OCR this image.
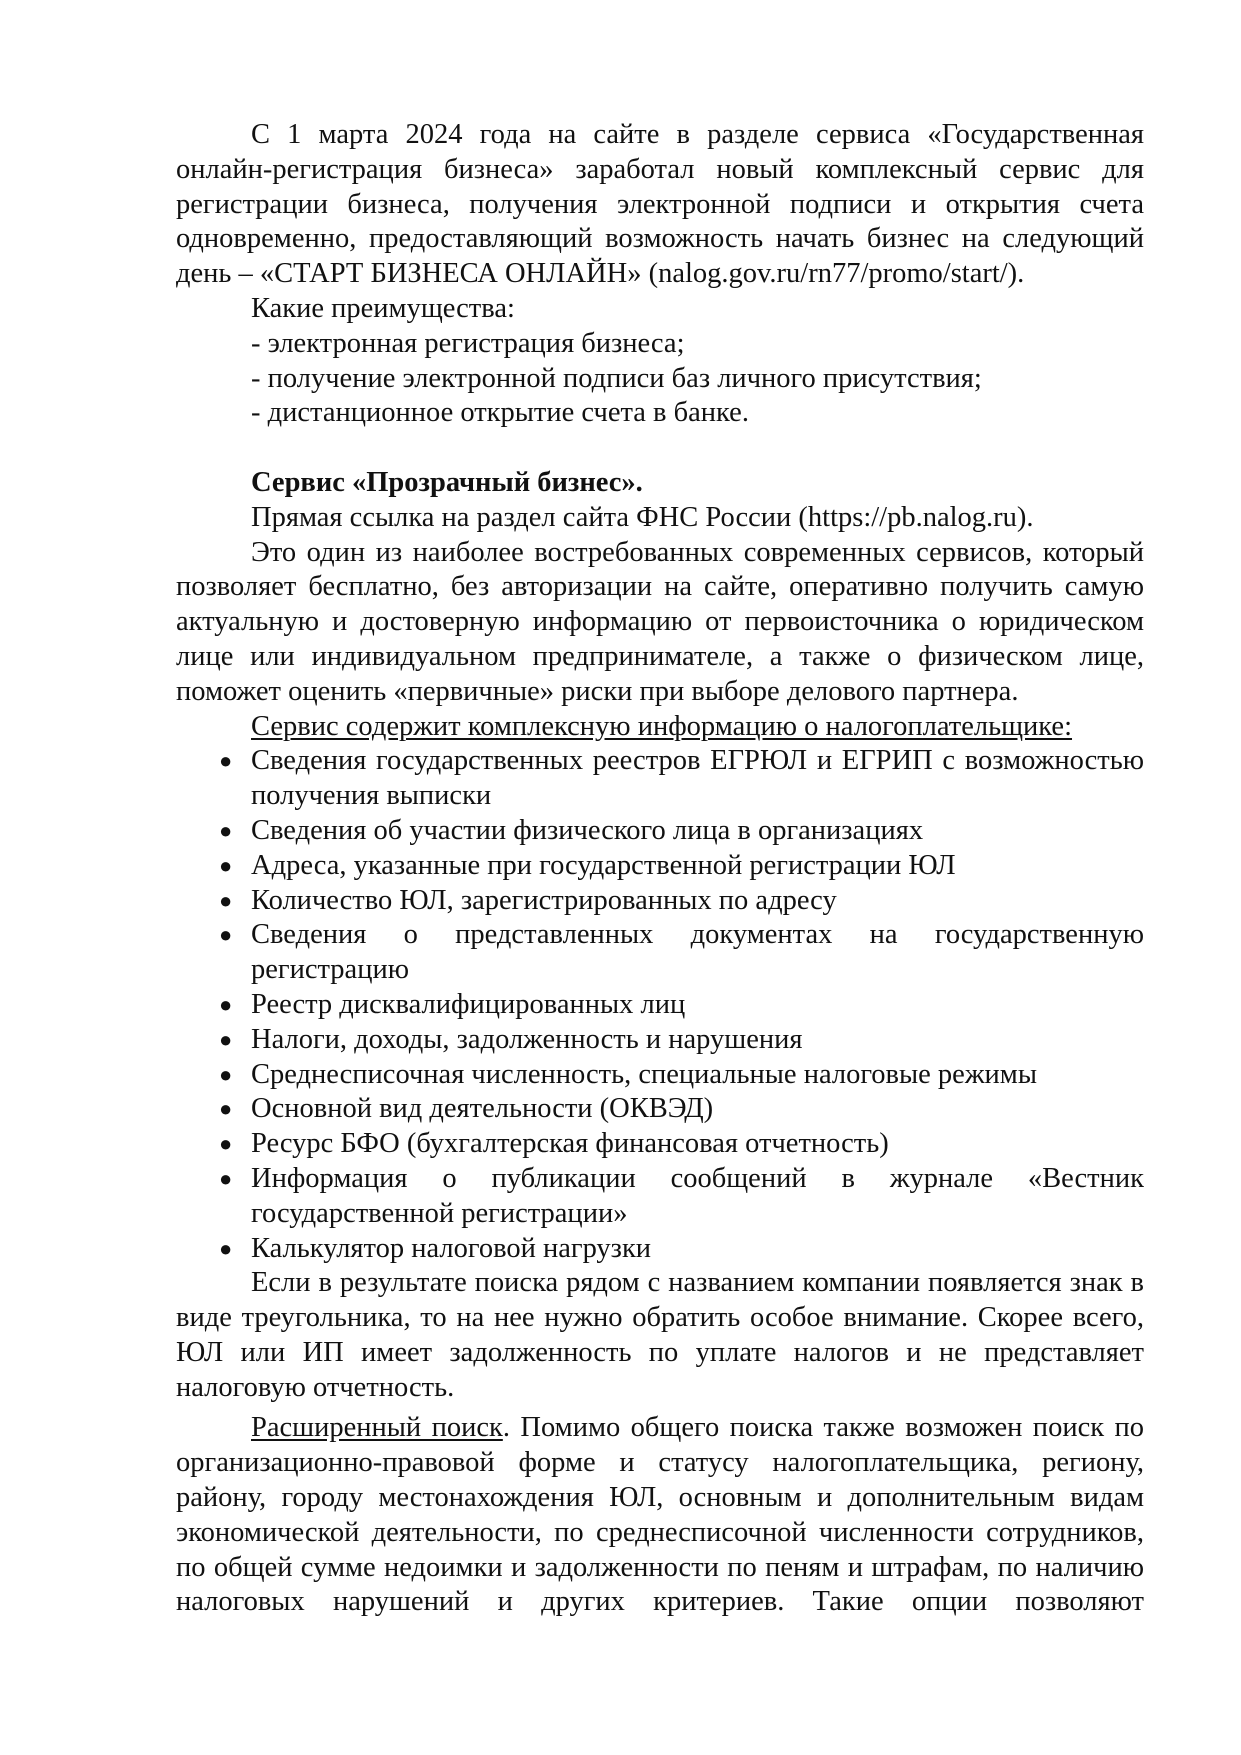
С 1 марта 2024 года на сайте в разделе сервиса «Государственная онлайн-регистрация бизнеса» заработал новый комплексный сервис для регистрации бизнеса, получения электронной подписи и открытия счета одновременно, предоставляющий возможность начать бизнес на следующий день – «СТАРТ БИЗНЕСА ОНЛАЙН» (nalog.gov.ru/rn77/promo/start/).

Какие преимущества:

- электронная регистрация бизнеса;

- получение электронной подписи баз личного присутствия;

- дистанционное открытие счета в банке.

Сервис «Прозрачный бизнес».

Прямая ссылка на раздел сайта ФНС России (https://pb.nalog.ru).

Это один из наиболее востребованных современных сервисов, который позволяет бесплатно, без авторизации на сайте, оперативно получить самую актуальную и достоверную информацию от первоисточника о юридическом лице или индивидуальном предпринимателе, а также о физическом лице, поможет оценить «первичные» риски при выборе делового партнера.

Сервис содержит комплексную информацию о налогоплательщике:

● Сведения государственных реестров ЕГРЮЛ и ЕГРИП с возможностью получения выписки
● Сведения об участии физического лица в организациях
● Адреса, указанные при государственной регистрации ЮЛ
● Количество ЮЛ, зарегистрированных по адресу
● Сведения о представленных документах на государственную регистрацию
● Реестр дисквалифицированных лиц
● Налоги, доходы, задолженность и нарушения
● Среднесписочная численность, специальные налоговые режимы
● Основной вид деятельности (ОКВЭД)
● Ресурс БФО (бухгалтерская финансовая отчетность)
● Информация о публикации сообщений в журнале «Вестник государственной регистрации»
● Калькулятор налоговой нагрузки

Если в результате поиска рядом с названием компании появляется знак в виде треугольника, то на нее нужно обратить особое внимание. Скорее всего, ЮЛ или ИП имеет задолженность по уплате налогов и не представляет налоговую отчетность.

Расширенный поиск. Помимо общего поиска также возможен поиск по организационно-правовой форме и статусу налогоплательщика, региону, району, городу местонахождения ЮЛ, основным и дополнительным видам экономической деятельности, по среднесписочной численности сотрудников, по общей сумме недоимки и задолженности по пеням и штрафам, по наличию налоговых нарушений и других критериев. Такие опции позволяют
